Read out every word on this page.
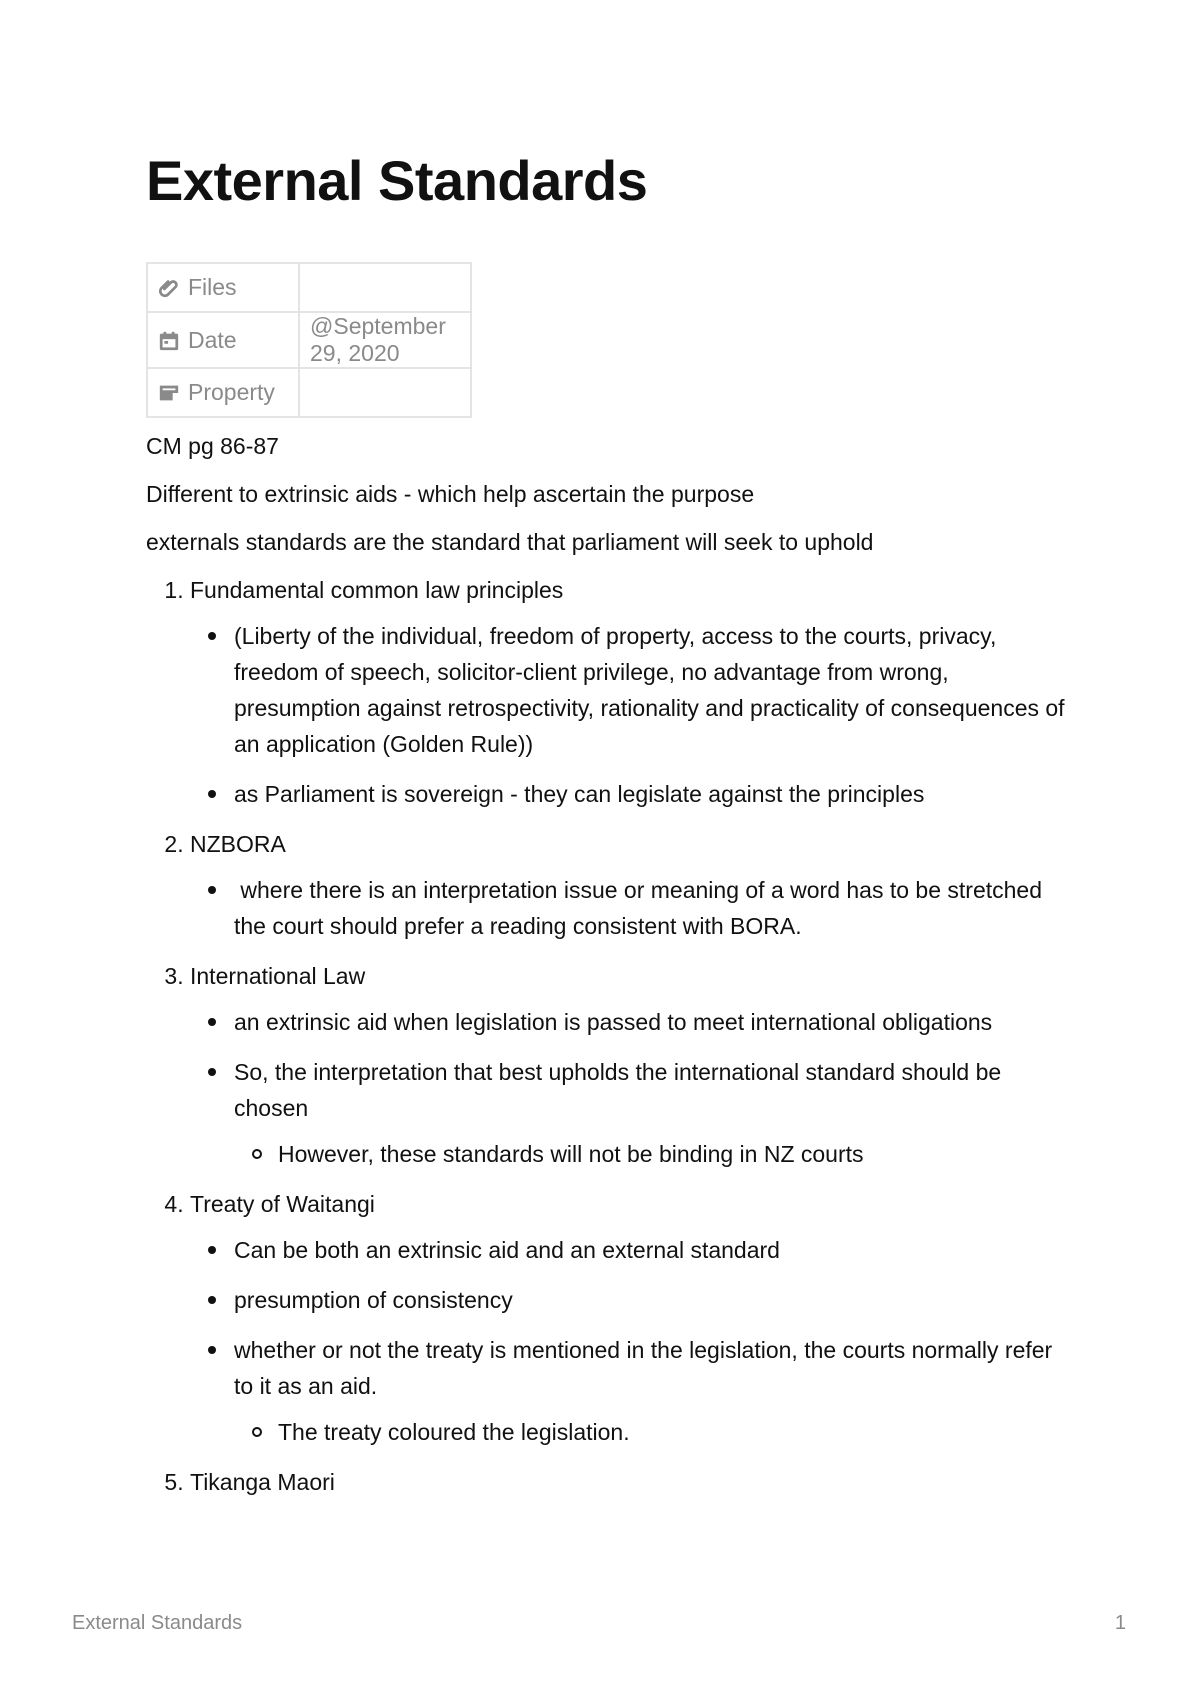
External Standards
Files	
Date	@September 29, 2020
Property	

CM pg 86-87

Different to extrinsic aids - which help ascertain the purpose

externals standards are the standard that parliament will seek to uphold

1. Fundamental common law principles
(Liberty of the individual, freedom of property, access to the courts, privacy, freedom of speech, solicitor-client privilege, no advantage from wrong, presumption against retrospectivity, rationality and practicality of consequences of an application (Golden Rule))
as Parliament is sovereign - they can legislate against the principles
2. NZBORA
where there is an interpretation issue or meaning of a word has to be stretched the court should prefer a reading consistent with BORA.
3. International Law
an extrinsic aid when legislation is passed to meet international obligations
So, the interpretation that best upholds the international standard should be chosen
However, these standards will not be binding in NZ courts
4. Treaty of Waitangi
Can be both an extrinsic aid and an external standard
presumption of consistency
whether or not the treaty is mentioned in the legislation, the courts normally refer to it as an aid.
The treaty coloured the legislation.
5. Tikanga Maori
External Standards	1
